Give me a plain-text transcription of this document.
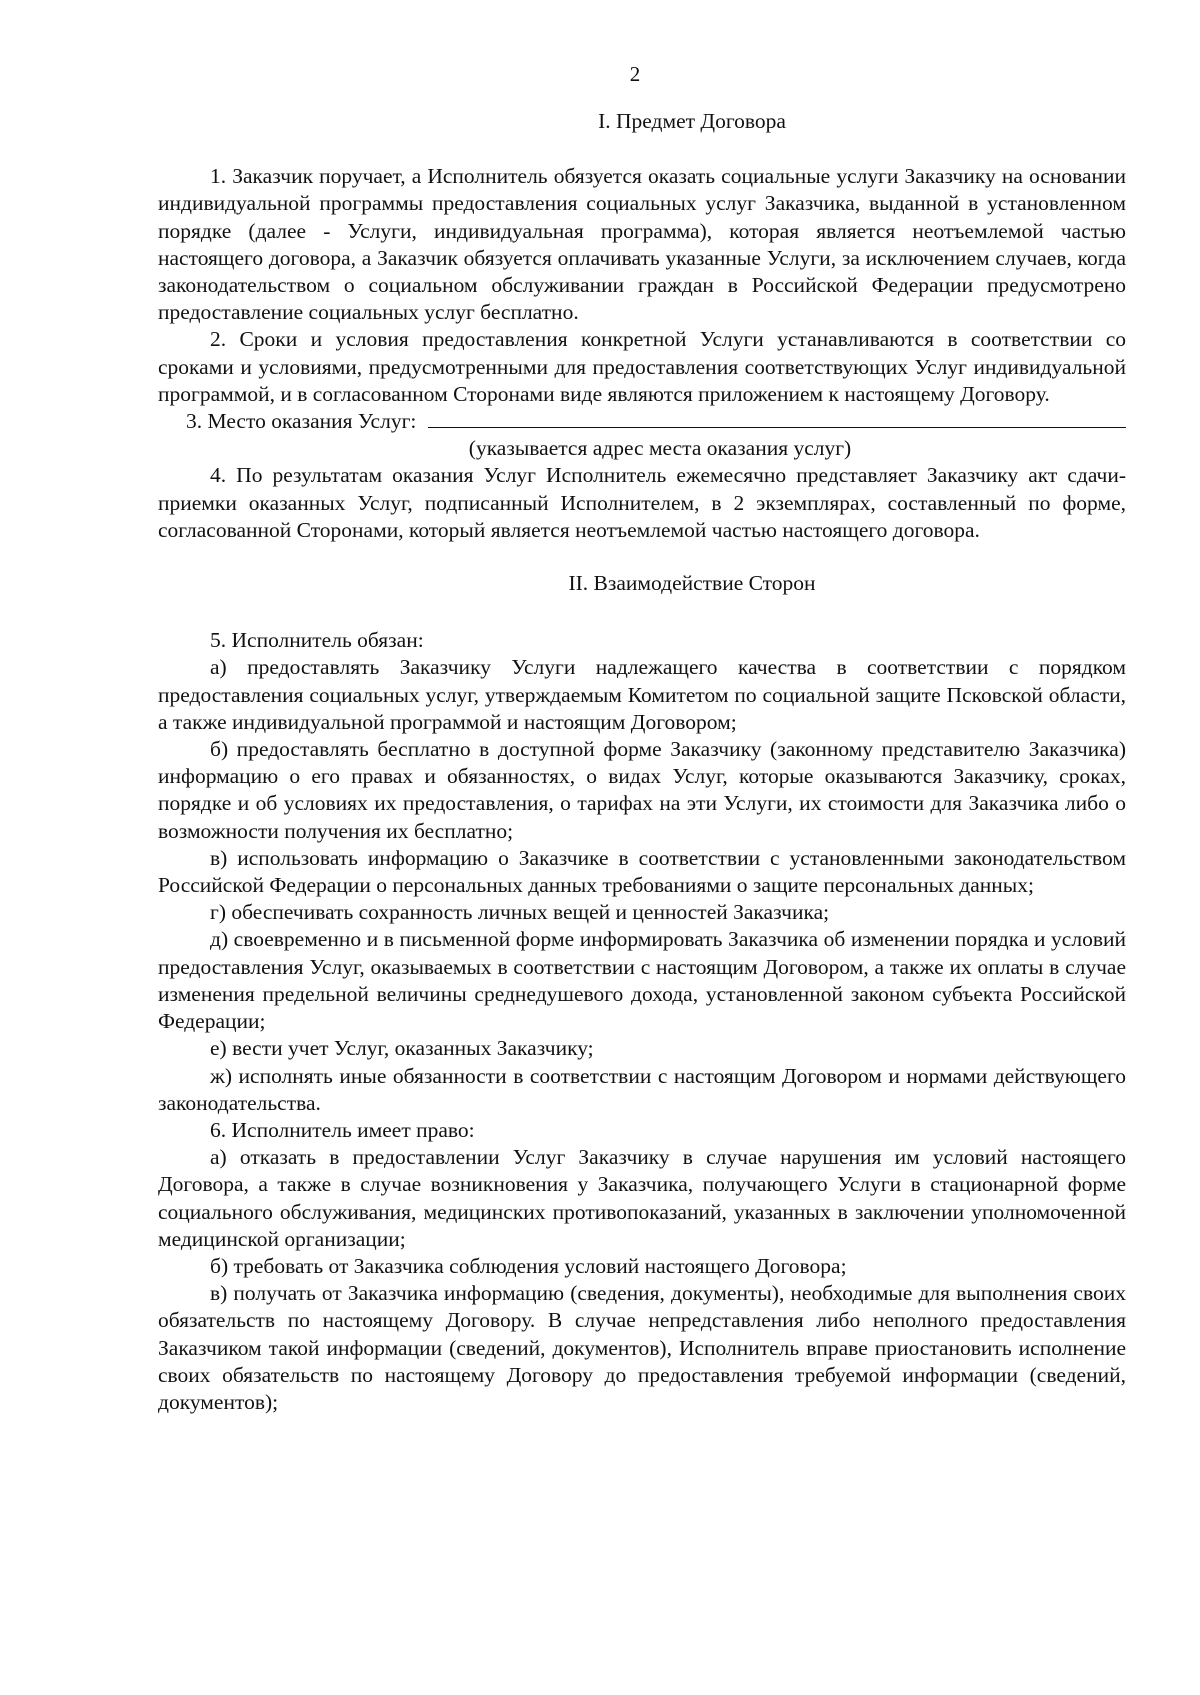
2
I. Предмет Договора

1. Заказчик поручает, а Исполнитель обязуется оказать социальные услуги Заказчику на основании индивидуальной программы предоставления социальных услуг Заказчика, выданной в установленном порядке (далее - Услуги, индивидуальная программа), которая является неотъемлемой частью настоящего договора, а Заказчик обязуется оплачивать указанные Услуги, за исключением случаев, когда законодательством о социальном обслуживании граждан в Российской Федерации предусмотрено предоставление социальных услуг бесплатно.

2. Сроки и условия предоставления конкретной Услуги устанавливаются в соответствии со сроками и условиями, предусмотренными для предоставления соответствующих Услуг индивидуальной программой, и в согласованном Сторонами виде являются приложением к настоящему Договору.

3. Место оказания Услуг:

(указывается адрес места оказания услуг)

4. По результатам оказания Услуг Исполнитель ежемесячно представляет Заказчику акт сдачи-приемки оказанных Услуг, подписанный Исполнителем, в 2 экземплярах, составленный по форме, согласованной Сторонами, который является неотъемлемой частью настоящего договора.

II. Взаимодействие Сторон

5. Исполнитель обязан:

а) предоставлять Заказчику Услуги надлежащего качества в соответствии с порядком предоставления социальных услуг, утверждаемым Комитетом по социальной защите Псковской области, а также индивидуальной программой и настоящим Договором;

б) предоставлять бесплатно в доступной форме Заказчику (законному представителю Заказчика) информацию о его правах и обязанностях, о видах Услуг, которые оказываются Заказчику, сроках, порядке и об условиях их предоставления, о тарифах на эти Услуги, их стоимости для Заказчика либо о возможности получения их бесплатно;

в) использовать информацию о Заказчике в соответствии с установленными законодательством Российской Федерации о персональных данных требованиями о защите персональных данных;

г) обеспечивать сохранность личных вещей и ценностей Заказчика;

д) своевременно и в письменной форме информировать Заказчика об изменении порядка и условий предоставления Услуг, оказываемых в соответствии с настоящим Договором, а также их оплаты в случае изменения предельной величины среднедушевого дохода, установленной законом субъекта Российской Федерации;

е) вести учет Услуг, оказанных Заказчику;

ж) исполнять иные обязанности в соответствии с настоящим Договором и нормами действующего законодательства.

6. Исполнитель имеет право:

а) отказать в предоставлении Услуг Заказчику в случае нарушения им условий настоящего Договора, а также в случае возникновения у Заказчика, получающего Услуги в стационарной форме социального обслуживания, медицинских противопоказаний, указанных в заключении уполномоченной медицинской организации;

б) требовать от Заказчика соблюдения условий настоящего Договора;

в) получать от Заказчика информацию (сведения, документы), необходимые для выполнения своих обязательств по настоящему Договору. В случае непредставления либо неполного предоставления Заказчиком такой информации (сведений, документов), Исполнитель вправе приостановить исполнение своих обязательств по настоящему Договору до предоставления требуемой информации (сведений, документов);
